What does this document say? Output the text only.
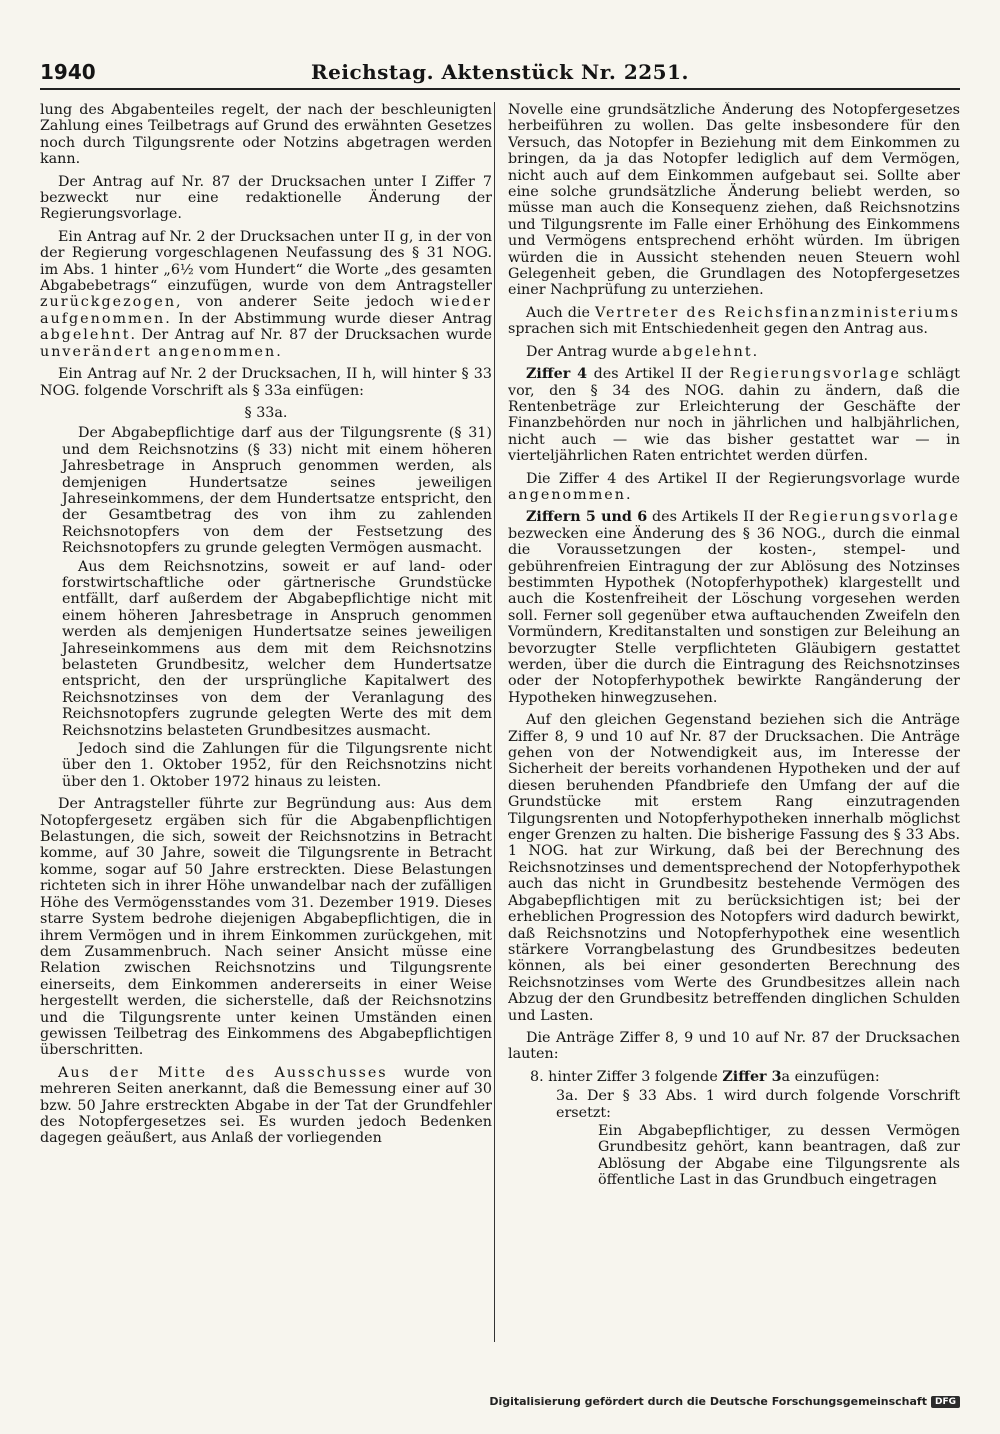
1940	Reichstag. Aktenstück Nr. 2251.

lung des Abgabenteiles regelt, der nach der beschleunigten Zahlung eines Teilbetrags auf Grund des erwähnten Gesetzes noch durch Tilgungsrente oder Notzins abgetragen werden kann.

Der Antrag auf Nr. 87 der Drucksachen unter I Ziffer 7 bezweckt nur eine redaktionelle Änderung der Regierungsvorlage.

Ein Antrag auf Nr. 2 der Drucksachen unter II g, in der von der Regierung vorgeschlagenen Neufassung des § 31 NOG. im Abs. 1 hinter „6½ vom Hundert“ die Worte „des gesamten Abgabebetrags“ einzufügen, wurde von dem Antragsteller zurückgezogen, von anderer Seite jedoch wieder aufgenommen. In der Abstimmung wurde dieser Antrag abgelehnt. Der Antrag auf Nr. 87 der Drucksachen wurde unverändert angenommen.

Ein Antrag auf Nr. 2 der Drucksachen, II h, will hinter § 33 NOG. folgende Vorschrift als § 33a einfügen:

§ 33a.

Der Abgabepflichtige darf aus der Tilgungsrente (§ 31) und dem Reichsnotzins (§ 33) nicht mit einem höheren Jahresbetrage in Anspruch genommen werden, als demjenigen Hundertsatze seines jeweiligen Jahreseinkommens, der dem Hundertsatze entspricht, den der Gesamtbetrag des von ihm zu zahlenden Reichsnotopfers von dem der Festsetzung des Reichsnotopfers zu grunde gelegten Vermögen ausmacht.

Aus dem Reichsnotzins, soweit er auf land- oder forstwirtschaftliche oder gärtnerische Grundstücke entfällt, darf außerdem der Abgabepflichtige nicht mit einem höheren Jahresbetrage in Anspruch genommen werden als demjenigen Hundertsatze seines jeweiligen Jahreseinkommens aus dem mit dem Reichsnotzins belasteten Grundbesitz, welcher dem Hundertsatze entspricht, den der ursprüngliche Kapitalwert des Reichsnotzinses von dem der Veranlagung des Reichsnotopfers zugrunde gelegten Werte des mit dem Reichsnotzins belasteten Grundbesitzes ausmacht.

Jedoch sind die Zahlungen für die Tilgungsrente nicht über den 1. Oktober 1952, für den Reichsnotzins nicht über den 1. Oktober 1972 hinaus zu leisten.

Der Antragsteller führte zur Begründung aus: Aus dem Notopfergesetz ergäben sich für die Abgabenpflichtigen Belastungen, die sich, soweit der Reichsnotzins in Betracht komme, auf 30 Jahre, soweit die Tilgungsrente in Betracht komme, sogar auf 50 Jahre erstreckten. Diese Belastungen richteten sich in ihrer Höhe unwandelbar nach der zufälligen Höhe des Vermögensstandes vom 31. Dezember 1919. Dieses starre System bedrohe diejenigen Abgabepflichtigen, die in ihrem Vermögen und in ihrem Einkommen zurückgehen, mit dem Zusammenbruch. Nach seiner Ansicht müsse eine Relation zwischen Reichsnotzins und Tilgungsrente einerseits, dem Einkommen andererseits in einer Weise hergestellt werden, die sicherstelle, daß der Reichsnotzins und die Tilgungsrente unter keinen Umständen einen gewissen Teilbetrag des Einkommens des Abgabepflichtigen überschritten.

Aus der Mitte des Ausschusses wurde von mehreren Seiten anerkannt, daß die Bemessung einer auf 30 bzw. 50 Jahre erstreckten Abgabe in der Tat der Grundfehler des Notopfergesetzes sei. Es wurden jedoch Bedenken dagegen geäußert, aus Anlaß der vorliegenden

Novelle eine grundsätzliche Änderung des Notopfergesetzes herbeiführen zu wollen. Das gelte insbesondere für den Versuch, das Notopfer in Beziehung mit dem Einkommen zu bringen, da ja das Notopfer lediglich auf dem Vermögen, nicht auch auf dem Einkommen aufgebaut sei. Sollte aber eine solche grundsätzliche Änderung beliebt werden, so müsse man auch die Konsequenz ziehen, daß Reichsnotzins und Tilgungsrente im Falle einer Erhöhung des Einkommens und Vermögens entsprechend erhöht würden. Im übrigen würden die in Aussicht stehenden neuen Steuern wohl Gelegenheit geben, die Grundlagen des Notopfergesetzes einer Nachprüfung zu unterziehen.

Auch die Vertreter des Reichsfinanzministeriums sprachen sich mit Entschiedenheit gegen den Antrag aus.

Der Antrag wurde abgelehnt.

Ziffer 4 des Artikel II der Regierungsvorlage schlägt vor, den § 34 des NOG. dahin zu ändern, daß die Rentenbeträge zur Erleichterung der Geschäfte der Finanzbehörden nur noch in jährlichen und halbjährlichen, nicht auch — wie das bisher gestattet war — in vierteljährlichen Raten entrichtet werden dürfen.

Die Ziffer 4 des Artikel II der Regierungsvorlage wurde angenommen.

Ziffern 5 und 6 des Artikels II der Regierungsvorlage bezwecken eine Änderung des § 36 NOG., durch die einmal die Voraussetzungen der kosten-, stempel- und gebührenfreien Eintragung der zur Ablösung des Notzinses bestimmten Hypothek (Notopferhypothek) klargestellt und auch die Kostenfreiheit der Löschung vorgesehen werden soll. Ferner soll gegenüber etwa auftauchenden Zweifeln den Vormündern, Kreditanstalten und sonstigen zur Beleihung an bevorzugter Stelle verpflichteten Gläubigern gestattet werden, über die durch die Eintragung des Reichsnotzinses oder der Notopferhypothek bewirkte Rangänderung der Hypotheken hinwegzusehen.

Auf den gleichen Gegenstand beziehen sich die Anträge Ziffer 8, 9 und 10 auf Nr. 87 der Drucksachen. Die Anträge gehen von der Notwendigkeit aus, im Interesse der Sicherheit der bereits vorhandenen Hypotheken und der auf diesen beruhenden Pfandbriefe den Umfang der auf die Grundstücke mit erstem Rang einzutragenden Tilgungsrenten und Notopferhypotheken innerhalb möglichst enger Grenzen zu halten. Die bisherige Fassung des § 33 Abs. 1 NOG. hat zur Wirkung, daß bei der Berechnung des Reichsnotzinses und dementsprechend der Notopferhypothek auch das nicht in Grundbesitz bestehende Vermögen des Abgabepflichtigen mit zu berücksichtigen ist; bei der erheblichen Progression des Notopfers wird dadurch bewirkt, daß Reichsnotzins und Notopferhypothek eine wesentlich stärkere Vorrangbelastung des Grundbesitzes bedeuten können, als bei einer gesonderten Berechnung des Reichsnotzinses vom Werte des Grundbesitzes allein nach Abzug der den Grundbesitz betreffenden dinglichen Schulden und Lasten.

Die Anträge Ziffer 8, 9 und 10 auf Nr. 87 der Drucksachen lauten:

8. hinter Ziffer 3 folgende Ziffer 3a einzufügen:

3a. Der § 33 Abs. 1 wird durch folgende Vorschrift ersetzt:

Ein Abgabepflichtiger, zu dessen Vermögen Grundbesitz gehört, kann beantragen, daß zur Ablösung der Abgabe eine Tilgungsrente als öffentliche Last in das Grundbuch eingetragen

Digitalisierung gefördert durch die Deutsche Forschungsgemeinschaft DFG
